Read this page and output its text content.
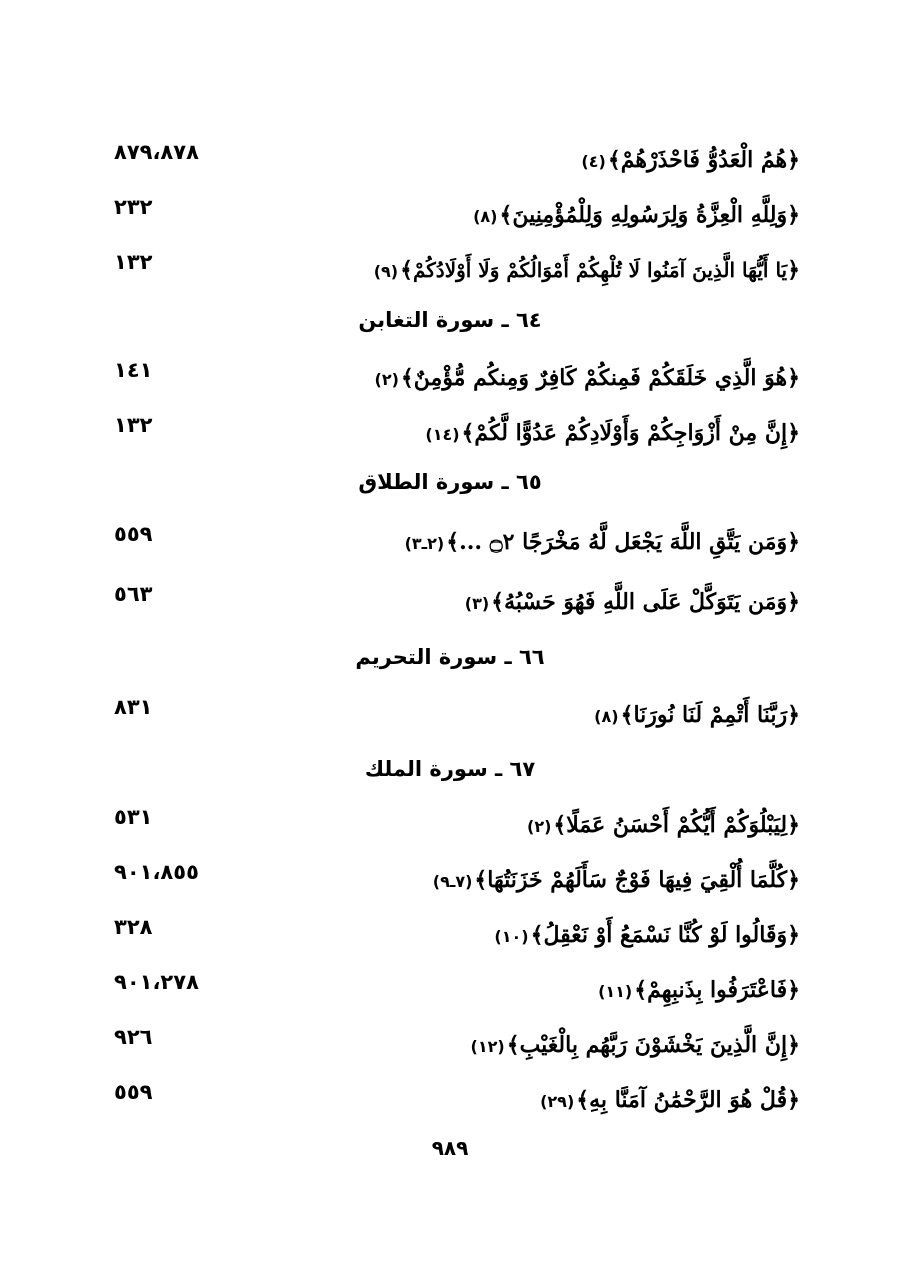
﴿هُمُ الْعَدُوُّ فَاحْذَرْهُمْ﴾(٤)
٨٧٩،٨٧٨
﴿وَلِلَّهِ الْعِزَّةُ وَلِرَسُولِهِ وَلِلْمُؤْمِنِينَ﴾(٨)
٢٣٢
﴿يَا أَيُّهَا الَّذِينَ آمَنُوا لَا تُلْهِكُمْ أَمْوَالُكُمْ وَلَا أَوْلَادُكُمْ﴾(٩)
١٣٢
٦٤ ـ سورة التغابن
﴿هُوَ الَّذِي خَلَقَكُمْ فَمِنكُمْ كَافِرٌ وَمِنكُم مُّؤْمِنٌ﴾(٢)
١٤١
﴿إِنَّ مِنْ أَزْوَاجِكُمْ وَأَوْلَادِكُمْ عَدُوًّا لَّكُمْ﴾(١٤)
١٣٢
٦٥ ـ سورة الطلاق
﴿وَمَن يَتَّقِ اللَّهَ يَجْعَل لَّهُ مَخْرَجًا ۝٢ ...﴾(٢ـ٣)
٥٥٩
﴿وَمَن يَتَوَكَّلْ عَلَى اللَّهِ فَهُوَ حَسْبُهُ﴾(٣)
٥٦٣
٦٦ ـ سورة التحريم
﴿رَبَّنَا أَتْمِمْ لَنَا نُورَنَا﴾(٨)
٨٣١
٦٧ ـ سورة الملك
﴿لِيَبْلُوَكُمْ أَيُّكُمْ أَحْسَنُ عَمَلًا﴾(٢)
٥٣١
﴿كُلَّمَا أُلْقِيَ فِيهَا فَوْجٌ سَأَلَهُمْ خَزَنَتُهَا﴾(٧ـ٩)
٩٠١،٨٥٥
﴿وَقَالُوا لَوْ كُنَّا نَسْمَعُ أَوْ نَعْقِلُ﴾(١٠)
٣٢٨
﴿فَاعْتَرَفُوا بِذَنبِهِمْ﴾(١١)
٩٠١،٢٧٨
﴿إِنَّ الَّذِينَ يَخْشَوْنَ رَبَّهُم بِالْغَيْبِ﴾(١٢)
٩٢٦
﴿قُلْ هُوَ الرَّحْمَٰنُ آمَنَّا بِهِ﴾(٢٩)
٥٥٩
٩٨٩
